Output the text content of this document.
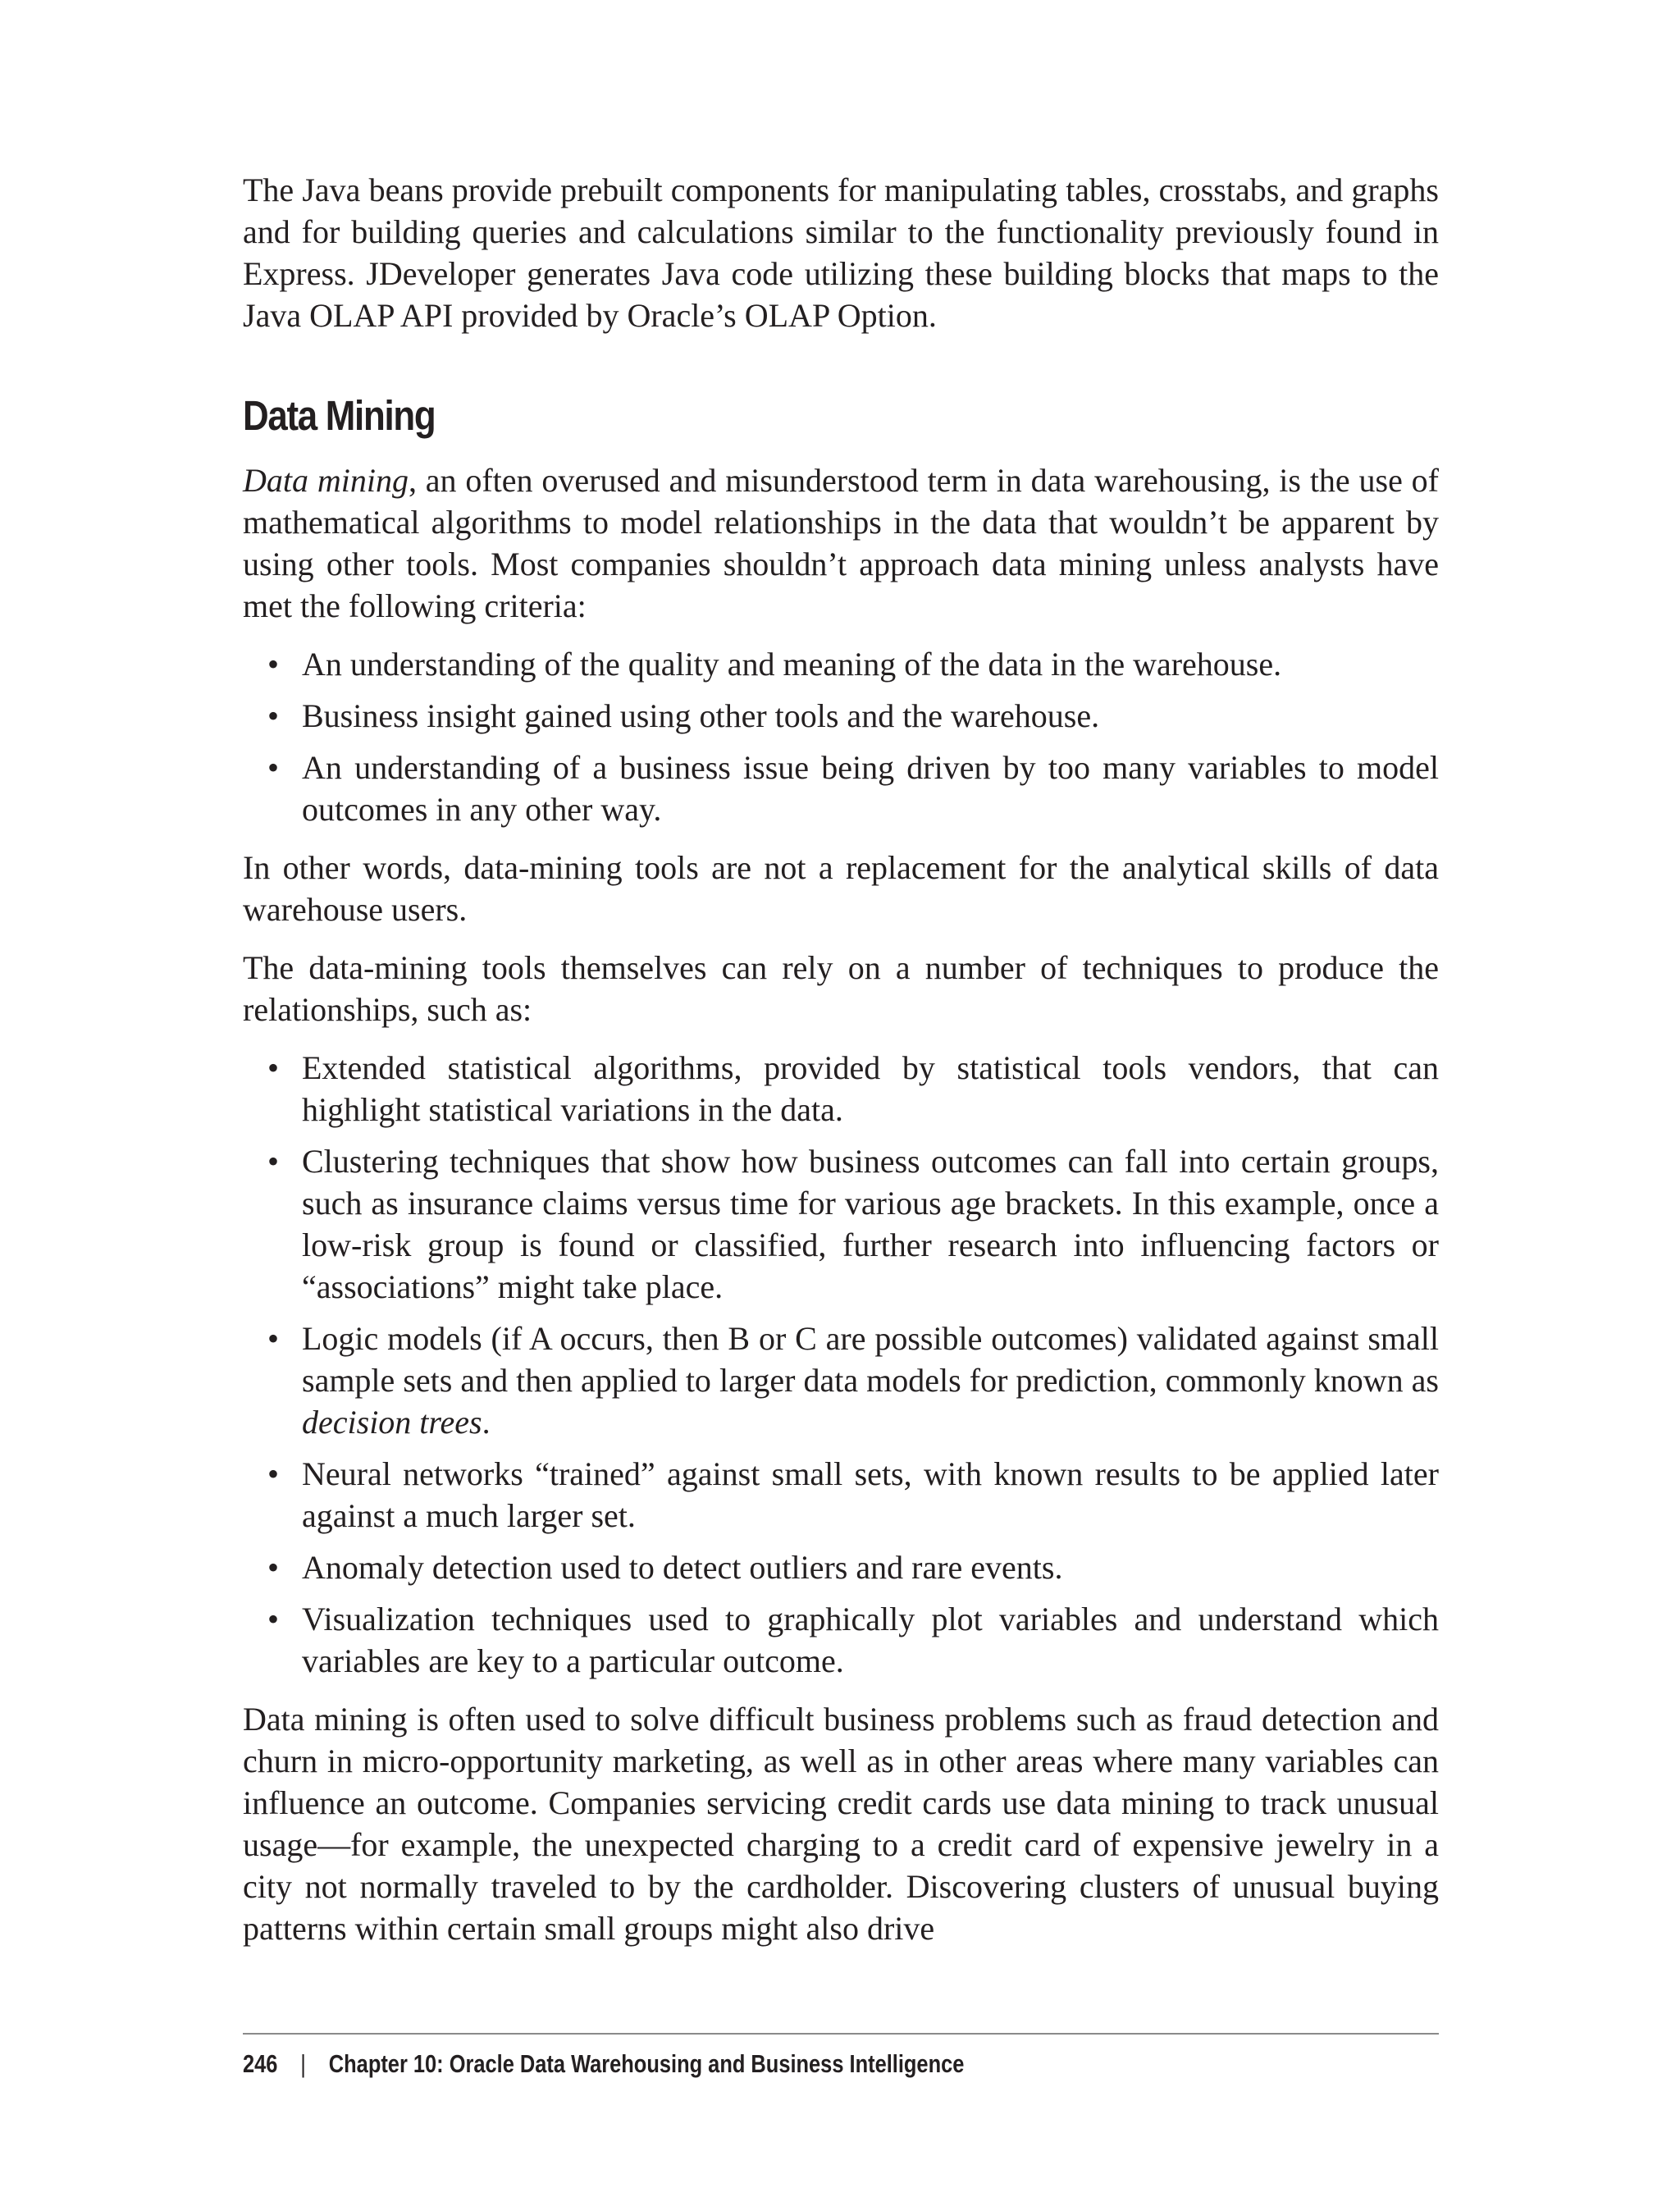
The Java beans provide prebuilt components for manipulating tables, crosstabs, and graphs and for building queries and calculations similar to the functionality previously found in Express. JDeveloper generates Java code utilizing these building blocks that maps to the Java OLAP API provided by Oracle’s OLAP Option.

Data Mining

Data mining, an often overused and misunderstood term in data warehousing, is the use of mathematical algorithms to model relationships in the data that wouldn’t be apparent by using other tools. Most companies shouldn’t approach data mining unless analysts have met the following criteria:

• An understanding of the quality and meaning of the data in the warehouse.
• Business insight gained using other tools and the warehouse.
• An understanding of a business issue being driven by too many variables to model outcomes in any other way.

In other words, data-mining tools are not a replacement for the analytical skills of data warehouse users.

The data-mining tools themselves can rely on a number of techniques to produce the relationships, such as:

• Extended statistical algorithms, provided by statistical tools vendors, that can highlight statistical variations in the data.
• Clustering techniques that show how business outcomes can fall into certain groups, such as insurance claims versus time for various age brackets. In this example, once a low-risk group is found or classified, further research into influencing factors or “associations” might take place.
• Logic models (if A occurs, then B or C are possible outcomes) validated against small sample sets and then applied to larger data models for prediction, commonly known as decision trees.
• Neural networks “trained” against small sets, with known results to be applied later against a much larger set.
• Anomaly detection used to detect outliers and rare events.
• Visualization techniques used to graphically plot variables and understand which variables are key to a particular outcome.

Data mining is often used to solve difficult business problems such as fraud detection and churn in micro-opportunity marketing, as well as in other areas where many variables can influence an outcome. Companies servicing credit cards use data mining to track unusual usage—for example, the unexpected charging to a credit card of expensive jewelry in a city not normally traveled to by the cardholder. Discovering clusters of unusual buying patterns within certain small groups might also drive

246 | Chapter 10: Oracle Data Warehousing and Business Intelligence
